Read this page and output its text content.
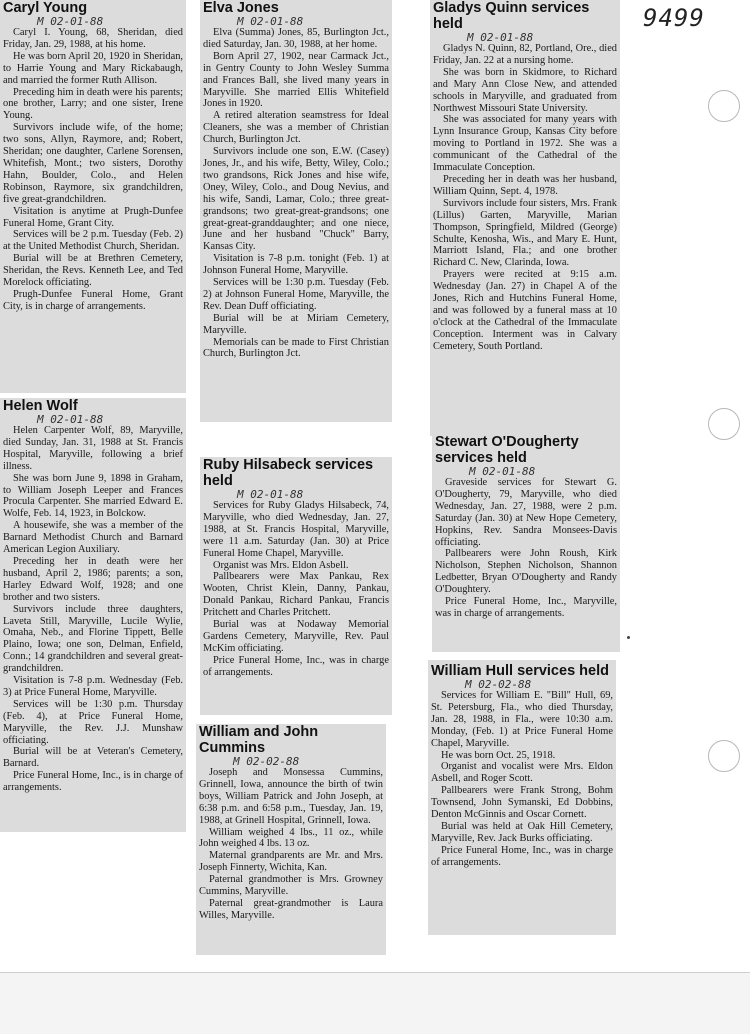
9499
Caryl Young
M 02-01-88

Caryl I. Young, 68, Sheridan, died Friday, Jan. 29, 1988, at his home.

He was born April 20, 1920 in Sheridan, to Harrie Young and Mary Rickabaugh, and married the former Ruth Allison.

Preceding him in death were his parents; one brother, Larry; and one sister, Irene Young.

Survivors include wife, of the home; two sons, Allyn, Raymore, and; Robert, Sheridan; one daughter, Carlene Sorensen, Whitefish, Mont.; two sisters, Dorothy Hahn, Boulder, Colo., and Helen Robinson, Raymore, six grandchildren, five great-grandchildren.

Visitation is anytime at Prugh-Dunfee Funeral Home, Grant City.

Services will be 2 p.m. Tuesday (Feb. 2) at the United Methodist Church, Sheridan.

Burial will be at Brethren Cemetery, Sheridan, the Revs. Kenneth Lee, and Ted Morelock officiating.

Prugh-Dunfee Funeral Home, Grant City, is in charge of arrangements.

Helen Wolf
M 02-01-88

Helen Carpenter Wolf, 89, Maryville, died Sunday, Jan. 31, 1988 at St. Francis Hospital, Maryville, following a brief illness.

She was born June 9, 1898 in Graham, to William Joseph Leeper and Frances Procula Carpenter. She married Edward E. Wolfe, Feb. 14, 1923, in Bolckow.

A housewife, she was a member of the Barnard Methodist Church and Barnard American Legion Auxiliary.

Preceding her in death were her husband, April 2, 1986; parents; a son, Harley Edward Wolf, 1928; and one brother and two sisters.

Survivors include three daughters, Laveta Still, Maryville, Lucile Wylie, Omaha, Neb., and Florine Tippett, Belle Plaino, Iowa; one son, Delman, Enfield, Conn.; 14 grandchildren and several great-grandchildren.

Visitation is 7-8 p.m. Wednesday (Feb. 3) at Price Funeral Home, Maryville.

Services will be 1:30 p.m. Thursday (Feb. 4), at Price Funeral Home, Maryville, the Rev. J.J. Munshaw officiating.

Burial will be at Veteran's Cemetery, Barnard.

Price Funeral Home, Inc., is in charge of arrangements.

Elva Jones
M 02-01-88

Elva (Summa) Jones, 85, Burlington Jct., died Saturday, Jan. 30, 1988, at her home.

Born April 27, 1902, near Carmack Jct., in Gentry County to John Wesley Summa and Frances Ball, she lived many years in Maryville. She married Ellis Whitefield Jones in 1920.

A retired alteration seamstress for Ideal Cleaners, she was a member of Christian Church, Burlington Jct.

Survivors include one son, E.W. (Casey) Jones, Jr., and his wife, Betty, Wiley, Colo.; two grandsons, Rick Jones and hise wife, Oney, Wiley, Colo., and Doug Nevius, and his wife, Sandi, Lamar, Colo.; three great-grandsons; two great-great-grandsons; one great-great-granddaughter; and one niece, June and her husband "Chuck" Barry, Kansas City.

Visitation is 7-8 p.m. tonight (Feb. 1) at Johnson Funeral Home, Maryville.

Services will be 1:30 p.m. Tuesday (Feb. 2) at Johnson Funeral Home, Maryville, the Rev. Dean Duff officiating.

Burial will be at Miriam Cemetery, Maryville.

Memorials can be made to First Christian Church, Burlington Jct.

Ruby Hilsabeck services held
M 02-01-88

Services for Ruby Gladys Hilsabeck, 74, Maryville, who died Wednesday, Jan. 27, 1988, at St. Francis Hospital, Maryville, were 11 a.m. Saturday (Jan. 30) at Price Funeral Home Chapel, Maryville.

Organist was Mrs. Eldon Asbell.

Pallbearers were Max Pankau, Rex Wooten, Christ Klein, Danny, Pankau, Donald Pankau, Richard Pankau, Francis Pritchett and Charles Pritchett.

Burial was at Nodaway Memorial Gardens Cemetery, Maryville, Rev. Paul McKim officiating.

Price Funeral Home, Inc., was in charge of arrangements.

William and John Cummins
M 02-02-88

Joseph and Monsessa Cummins, Grinnell, Iowa, announce the birth of twin boys, William Patrick and John Joseph, at 6:38 p.m. and 6:58 p.m., Tuesday, Jan. 19, 1988, at Grinell Hospital, Grinnell, Iowa.

William weighed 4 lbs., 11 oz., while John weighed 4 lbs. 13 oz.

Maternal grandparents are Mr. and Mrs. Joseph Finnerty, Wichita, Kan.

Paternal grandmother is Mrs. Growney Cummins, Maryville.

Paternal great-grandmother is Laura Willes, Maryville.

Gladys Quinn services held
M 02-01-88

Gladys N. Quinn, 82, Portland, Ore., died Friday, Jan. 22 at a nursing home.

She was born in Skidmore, to Richard and Mary Ann Close New, and attended schools in Maryville, and graduated from Northwest Missouri State University.

She was associated for many years with Lynn Insurance Group, Kansas City before moving to Portland in 1972. She was a communicant of the Cathedral of the Immaculate Conception.

Preceding her in death was her husband, William Quinn, Sept. 4, 1978.

Survivors include four sisters, Mrs. Frank (Lillus) Garten, Maryville, Marian Thompson, Springfield, Mildred (George) Schulte, Kenosha, Wis., and Mary E. Hunt, Marriott Island, Fla.; and one brother Richard C. New, Clarinda, Iowa.

Prayers were recited at 9:15 a.m. Wednesday (Jan. 27) in Chapel A of the Jones, Rich and Hutchins Funeral Home, and was followed by a funeral mass at 10 o'clock at the Cathedral of the Immaculate Conception. Interment was in Calvary Cemetery, South Portland.

Stewart O'Dougherty services held
M 02-01-88

Graveside services for Stewart G. O'Dougherty, 79, Maryville, who died Wednesday, Jan. 27, 1988, were 2 p.m. Saturday (Jan. 30) at New Hope Cemetery, Hopkins, Rev. Sandra Monsees-Davis officiating.

Pallbearers were John Roush, Kirk Nicholson, Stephen Nicholson, Shannon Ledbetter, Bryan O'Dougherty and Randy O'Doughtery.

Price Funeral Home, Inc., Maryville, was in charge of arrangements.

William Hull services held
M 02-02-88

Services for William E. "Bill" Hull, 69, St. Petersburg, Fla., who died Thursday, Jan. 28, 1988, in Fla., were 10:30 a.m. Monday, (Feb. 1) at Price Funeral Home Chapel, Maryville.

He was born Oct. 25, 1918.

Organist and vocalist were Mrs. Eldon Asbell, and Roger Scott.

Pallbearers were Frank Strong, Bohm Townsend, John Symanski, Ed Dobbins, Denton McGinnis and Oscar Cornett.

Burial was held at Oak Hill Cemetery, Maryville, Rev. Jack Burks officiating.

Price Funeral Home, Inc., was in charge of arrangements.
